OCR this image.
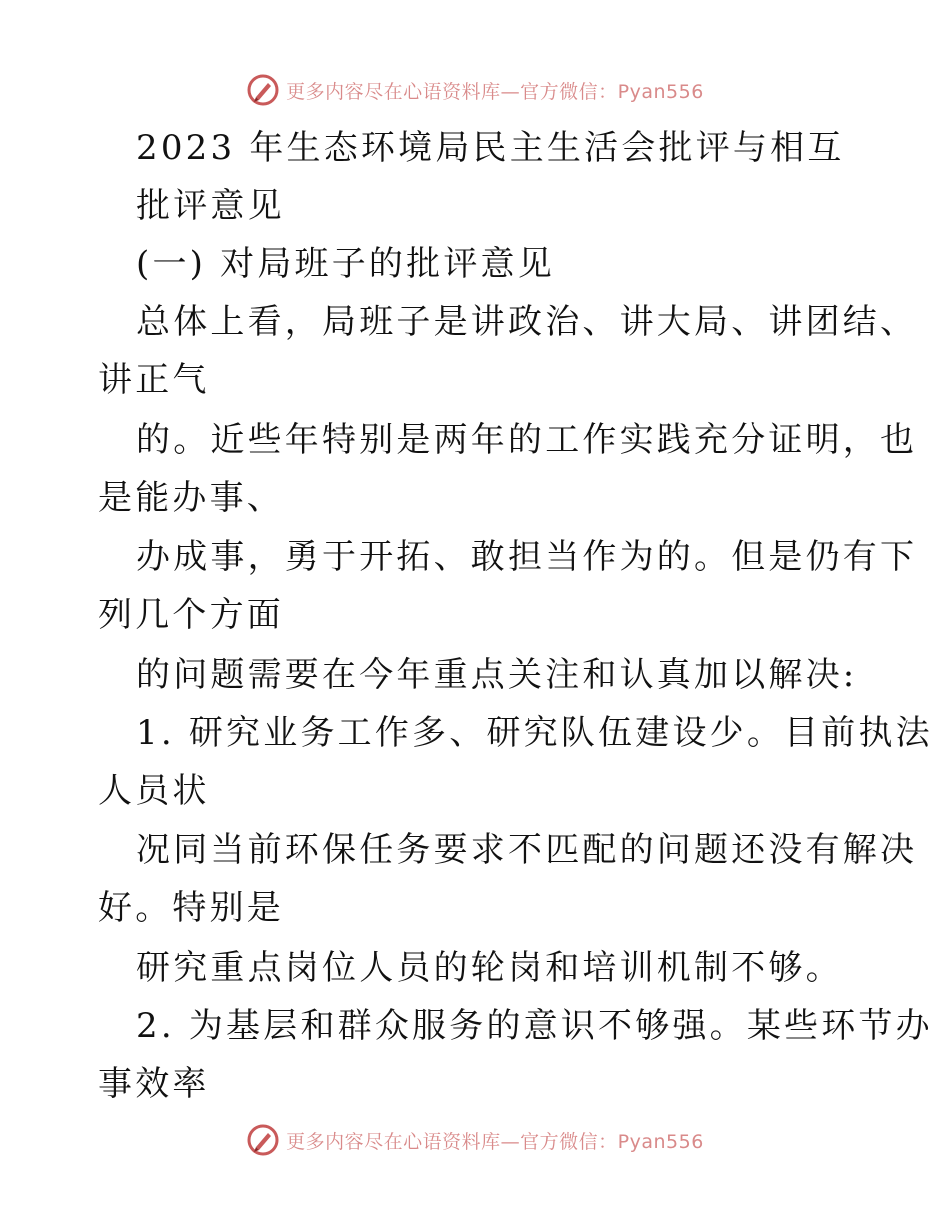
更多内容尽在心语资料库—官方微信：Pyan556
2023 年生态环境局民主生活会批评与相互
批评意见
(一) 对局班子的批评意见
总体上看，局班子是讲政治、讲大局、讲团结、
讲正气
的。近些年特别是两年的工作实践充分证明，也
是能办事、
办成事，勇于开拓、敢担当作为的。但是仍有下
列几个方面
的问题需要在今年重点关注和认真加以解决:
1. 研究业务工作多、研究队伍建设少。目前执法
人员状
况同当前环保任务要求不匹配的问题还没有解决
好。特别是
研究重点岗位人员的轮岗和培训机制不够。
2. 为基层和群众服务的意识不够强。某些环节办
事效率
更多内容尽在心语资料库—官方微信：Pyan556
